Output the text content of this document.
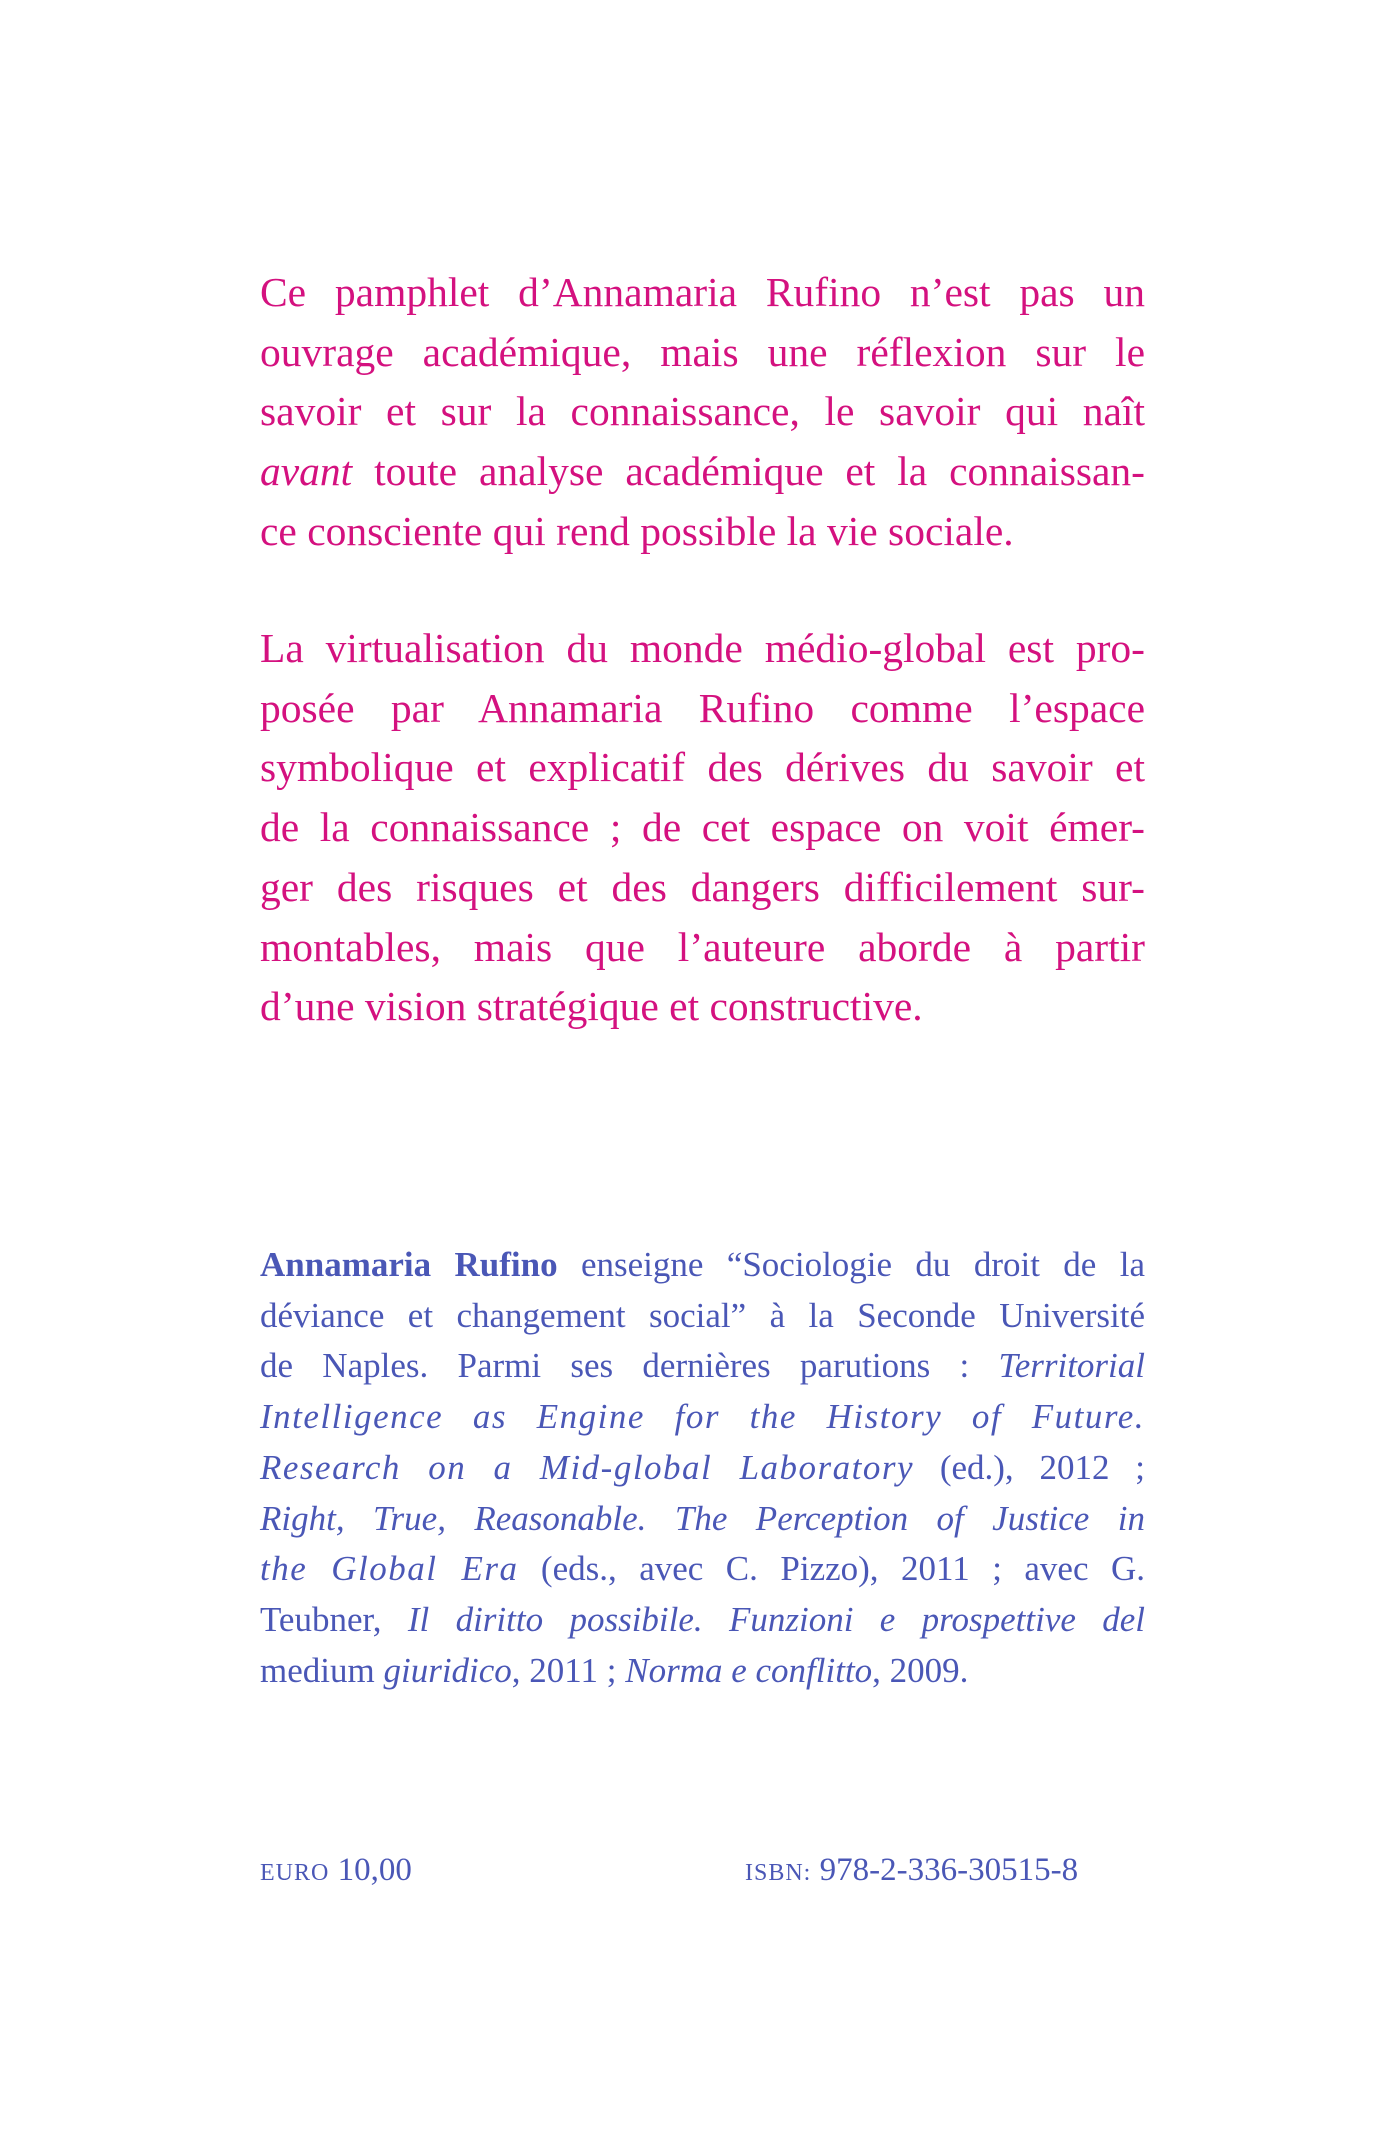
Ce pamphlet d’Annamaria Rufino n’est pas un
ouvrage académique, mais une réflexion sur le
savoir et sur la connaissance, le savoir qui naît
avant toute analyse académique et la connaissan-
ce consciente qui rend possible la vie sociale.

La virtualisation du monde médio-global est pro-
posée par Annamaria Rufino comme l’espace
symbolique et explicatif des dérives du savoir et
de la connaissance ; de cet espace on voit émer-
ger des risques et des dangers difficilement sur-
montables, mais que l’auteure aborde à partir
d’une vision stratégique et constructive.

Annamaria Rufino enseigne “Sociologie du droit de la
déviance et changement social” à la Seconde Université
de Naples. Parmi ses dernières parutions : Territorial
Intelligence as Engine for the History of Future.
Research on a Mid-global Laboratory (ed.), 2012 ;
Right, True, Reasonable. The Perception of Justice in
the Global Era (eds., avec C. Pizzo), 2011 ; avec G.
Teubner, Il diritto possibile. Funzioni e prospettive del
medium giuridico, 2011 ; Norma e conflitto, 2009.

EURO 10,00	ISBN: 978-2-336-30515-8
